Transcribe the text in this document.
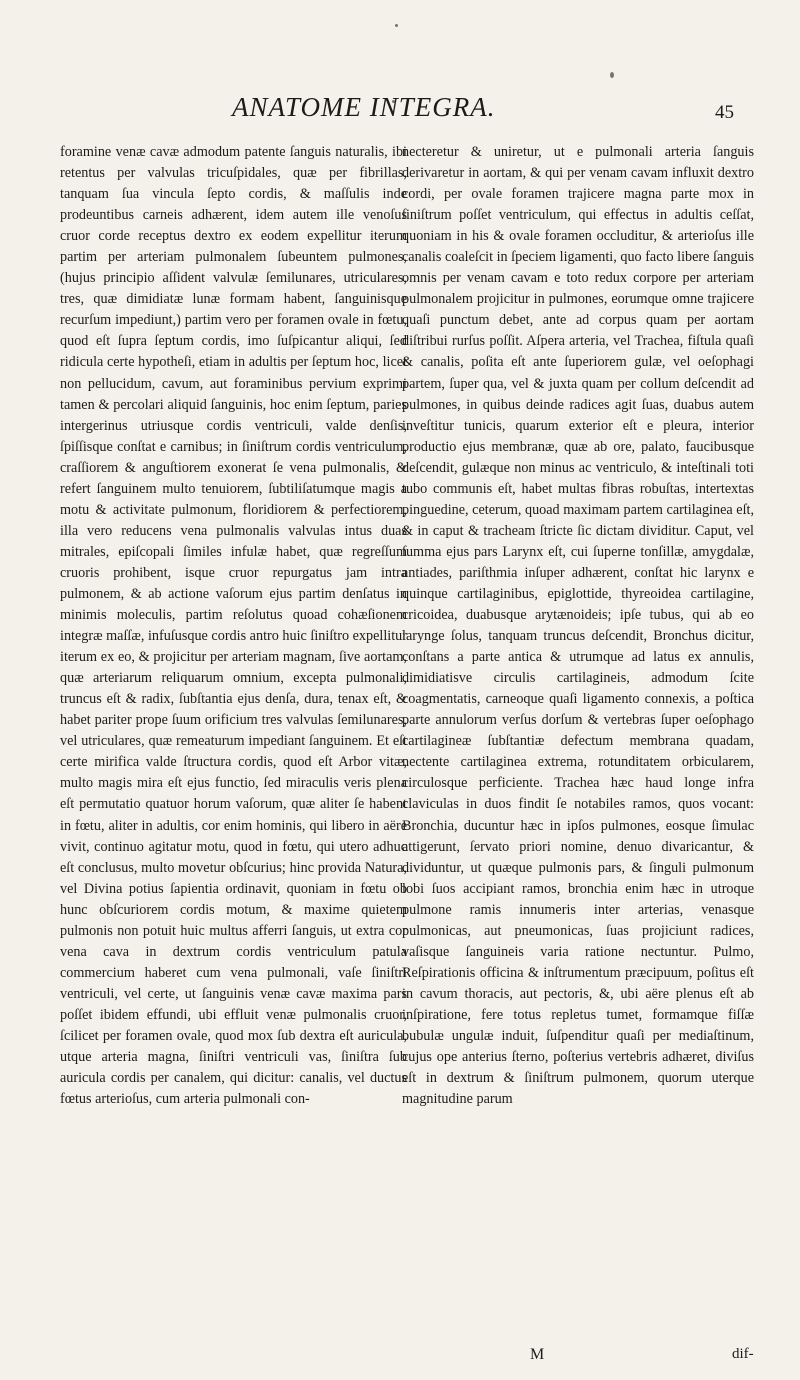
ANATOME INTEGRA.	45

foramine venæ cavæ admodum patente ſanguis naturalis, ibi retentus per valvulas tricuſpidales, quæ per fibrillas, tanquam ſua vincula ſepto cordis, & maſſulis inde prodeuntibus carneis adhærent, idem autem ille venoſus cruor corde receptus dextro ex eodem expellitur iterum partim per arteriam pulmonalem ſubeuntem pulmones, (hujus principio aſſident valvulæ ſemilunares, utriculares, tres, quæ dimidiatæ lunæ formam habent, ſanguinisque recurſum impediunt,) partim vero per foramen ovale in fœtu, quod eſt ſupra ſeptum cordis, imo ſuſpicantur aliqui, ſed ridicula certe hypotheſi, etiam in adultis per ſeptum hoc, licet non pellucidum, cavum, aut foraminibus pervium exprimi tamen & percolari aliquid ſanguinis, hoc enim ſeptum, paries intergerinus utriusque cordis ventriculi, valde denſis, ſpiſſisque conſtat e carnibus; in ſiniſtrum cordis ventriculum, craſſiorem & anguſtiorem exonerat ſe vena pulmonalis, & refert ſanguinem multo tenuiorem, ſubtiliſatumque magis a motu & activitate pulmonum, floridiorem & perfectiorem, illa vero reducens vena pulmonalis valvulas intus duas mitrales, epiſcopali ſimiles infulæ habet, quæ regreſſum cruoris prohibent, isque cruor repurgatus jam intra pulmonem, & ab actione vaſorum ejus partim denſatus in minimis moleculis, partim reſolutus quoad cohæſionem integræ maſſæ, infuſusque cordis antro huic ſiniſtro expellitur iterum ex eo, & projicitur per arteriam magnam, ſive aortam, quæ arteriarum reliquarum omnium, excepta pulmonali, truncus eſt & radix, ſubſtantia ejus denſa, dura, tenax eſt, & habet pariter prope ſuum orificium tres valvulas ſemilunares, vel utriculares, quæ remeaturum impediant ſanguinem. Et eſt certe mirifica valde ſtructura cordis, quod eſt Arbor vitæ, multo magis mira eſt ejus functio, ſed miraculis veris plena eſt permutatio quatuor horum vaſorum, quæ aliter ſe habent in fœtu, aliter in adultis, cor enim hominis, qui libero in aëre vivit, continuo agitatur motu, quod in fœtu, qui utero adhuc eſt conclusus, multo movetur obſcurius; hinc provida Natura, vel Divina potius ſapientia ordinavit, quoniam in fœtu ob hunc obſcuriorem cordis motum, & maxime quietem pulmonis non potuit huic multus afferri ſanguis, ut extra cor vena cava in dextrum cordis ventriculum patula commercium haberet cum vena pulmonali, vaſe ſiniſtri ventriculi, vel certe, ut ſanguinis venæ cavæ maxima pars poſſet ibidem effundi, ubi effluit venæ pulmonalis cruor, ſcilicet per foramen ovale, quod mox ſub dextra eſt auricula, utque arteria magna, ſiniſtri ventriculi vas, ſiniſtra ſub auricula cordis per canalem, qui dicitur: canalis, vel ductus fœtus arterioſus, cum arteria pulmonali con-

necteretur & uniretur, ut e pulmonali arteria ſanguis derivaretur in aortam, & qui per venam cavam influxit dextro cordi, per ovale foramen trajicere magna parte mox in ſiniſtrum poſſet ventriculum, qui effectus in adultis ceſſat, quoniam in his & ovale foramen occluditur, & arterioſus ille canalis coaleſcit in ſpeciem ligamenti, quo facto libere ſanguis omnis per venam cavam e toto redux corpore per arteriam pulmonalem projicitur in pulmones, eorumque omne trajicere quaſi punctum debet, ante ad corpus quam per aortam diſtribui rurſus poſſit. Aſpera arteria, vel Trachea, fiſtula quaſi & canalis, poſita eſt ante ſuperiorem gulæ, vel oeſophagi partem, ſuper qua, vel & juxta quam per collum deſcendit ad pulmones, in quibus deinde radices agit ſuas, duabus autem inveſtitur tunicis, quarum exterior eſt e pleura, interior productio ejus membranæ, quæ ab ore, palato, faucibusque deſcendit, gulæque non minus ac ventriculo, & inteſtinali toti tubo communis eſt, habet multas fibras robuſtas, intertextas pinguedine, ceterum, quoad maximam partem cartilaginea eſt, & in caput & tracheam ſtricte ſic dictam dividitur. Caput, vel ſumma ejus pars Larynx eſt, cui ſuperne tonſillæ, amygdalæ, antiades, pariſthmia inſuper adhærent, conſtat hic larynx e quinque cartilaginibus, epiglottide, thyreoidea cartilagine, cricoidea, duabusque arytænoideis; ipſe tubus, qui ab eo larynge ſolus, tanquam truncus deſcendit, Bronchus dicitur, conſtans a parte antica & utrumque ad latus ex annulis, dimidiatisve circulis cartilagineis, admodum ſcite coagmentatis, carneoque quaſi ligamento connexis, a poſtica parte annulorum verſus dorſum & vertebras ſuper oeſophago cartilagineæ ſubſtantiæ defectum membrana quadam, nectente cartilaginea extrema, rotunditatem orbicularem, circulosque perficiente. Trachea hæc haud longe infra claviculas in duos findit ſe notabiles ramos, quos vocant: Bronchia, ducuntur hæc in ipſos pulmones, eosque ſimulac attigerunt, ſervato priori nomine, denuo divaricantur, & dividuntur, ut quæque pulmonis pars, & ſinguli pulmonum lobi ſuos accipiant ramos, bronchia enim hæc in utroque pulmone ramis innumeris inter arterias, venasque pulmonicas, aut pneumonicas, ſuas projiciunt radices, vaſisque ſanguineis varia ratione nectuntur. Pulmo, Reſpirationis officina & inſtrumentum præcipuum, poſitus eſt in cavum thoracis, aut pectoris, &, ubi aëre plenus eſt ab inſpiratione, fere totus repletus tumet, formamque fiſſæ bubulæ ungulæ induit, ſuſpenditur quaſi per mediaſtinum, cujus ope anterius ſterno, poſterius vertebris adhæret, diviſus eſt in dextrum & ſiniſtrum pulmonem, quorum uterque magnitudine parum

M	dif-
